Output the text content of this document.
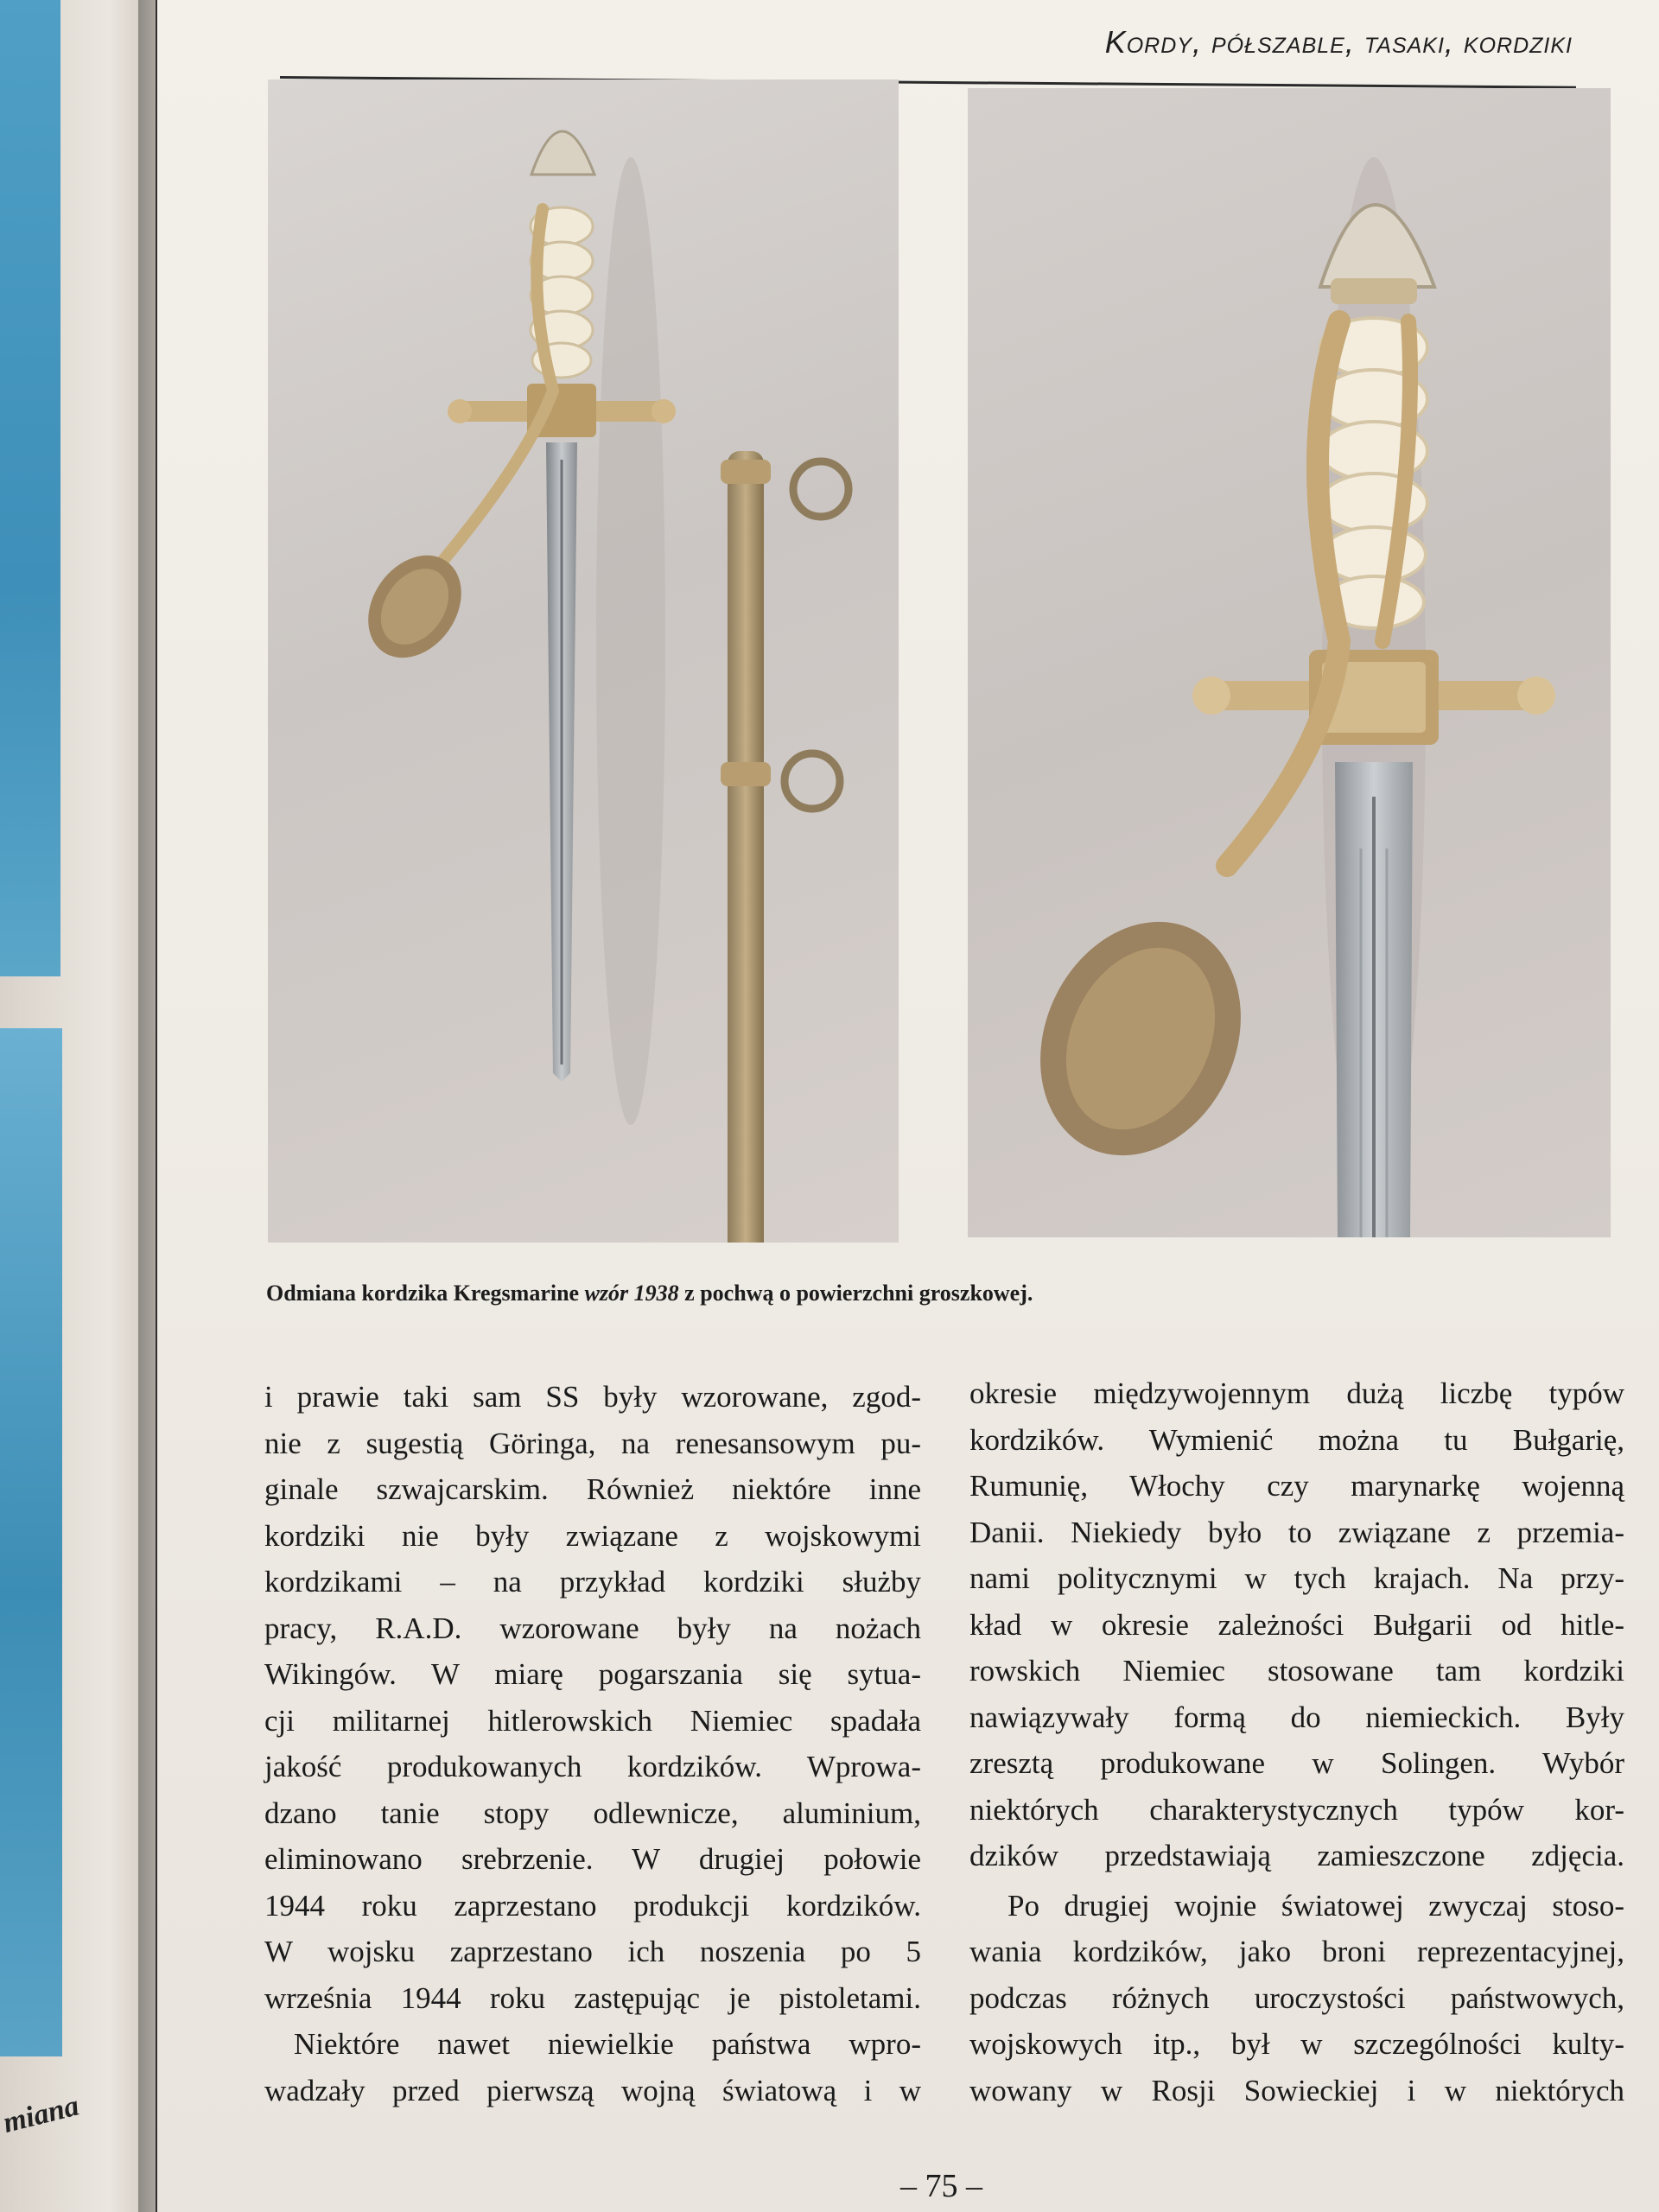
miana
Kordy, półszable, tasaki, kordziki
Odmiana kordzika Kregsmarine wzór 1938 z pochwą o powierzchni groszkowej.

i prawie taki sam SS były wzorowane, zgod-
nie z sugestią Göringa, na renesansowym pu-
ginale szwajcarskim. Również niektóre inne
kordziki nie były związane z wojskowymi
kordzikami – na przykład kordziki służby
pracy, R.A.D. wzorowane były na nożach
Wikingów. W miarę pogarszania się sytua-
cji militarnej hitlerowskich Niemiec spadała
jakość produkowanych kordzików. Wprowa-
dzano tanie stopy odlewnicze, aluminium,
eliminowano srebrzenie. W drugiej połowie
1944 roku zaprzestano produkcji kordzików.
W wojsku zaprzestano ich noszenia po 5
września 1944 roku zastępując je pistoletami.

Niektóre nawet niewielkie państwa wpro-

wadzały przed pierwszą wojną światową i w

okresie międzywojennym dużą liczbę typów
kordzików. Wymienić można tu Bułgarię,
Rumunię, Włochy czy marynarkę wojenną
Danii. Niekiedy było to związane z przemia-
nami politycznymi w tych krajach. Na przy-
kład w okresie zależności Bułgarii od hitle-
rowskich Niemiec stosowane tam kordziki
nawiązywały formą do niemieckich. Były
zresztą produkowane w Solingen. Wybór
niektórych charakterystycznych typów kor-
dzików przedstawiają zamieszczone zdjęcia.

Po drugiej wojnie światowej zwyczaj stoso-

wania kordzików, jako broni reprezentacyjnej,
podczas różnych uroczystości państwowych,
wojskowych itp., był w szczególności kulty-
wowany w Rosji Sowieckiej i w niektórych

– 75 –
